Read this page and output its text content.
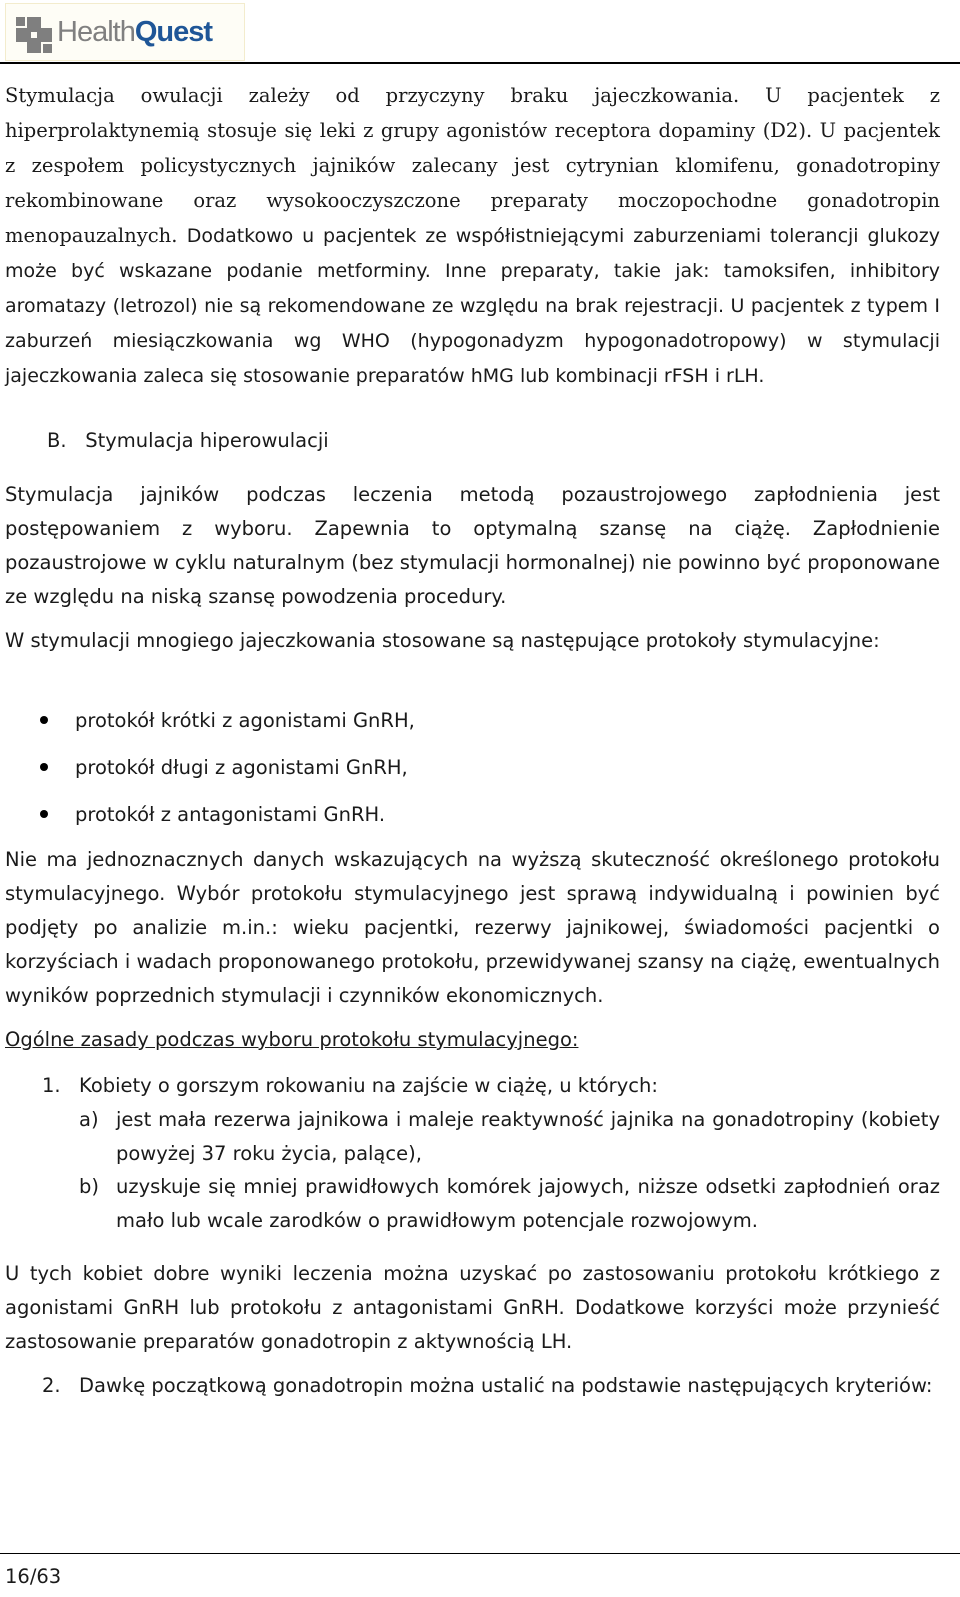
HealthQuest

Stymulacja owulacji zależy od przyczyny braku jajeczkowania. U pacjentek z hiperprolaktynemią stosuje się leki z grupy agonistów receptora dopaminy (D2). U pacjentek z zespołem policystycznych jajników zalecany jest cytrynian klomifenu, gonadotropiny rekombinowane oraz wysokooczyszczone preparaty moczopochodne gonadotropin menopauzalnych. Dodatkowo u pacjentek ze współistniejącymi zaburzeniami tolerancji glukozy może być wskazane podanie metforminy. Inne preparaty, takie jak: tamoksifen, inhibitory aromatazy (letrozol) nie są rekomendowane ze względu na brak rejestracji. U pacjentek z typem I zaburzeń miesiączkowania wg WHO (hypogonadyzm hypogonadotropowy) w stymulacji jajeczkowania zaleca się stosowanie preparatów hMG lub kombinacji rFSH i rLH.

B. Stymulacja hiperowulacji

Stymulacja jajników podczas leczenia metodą pozaustrojowego zapłodnienia jest postępowaniem z wyboru. Zapewnia to optymalną szansę na ciążę. Zapłodnienie pozaustrojowe w cyklu naturalnym (bez stymulacji hormonalnej) nie powinno być proponowane ze względu na niską szansę powodzenia procedury.

W stymulacji mnogiego jajeczkowania stosowane są następujące protokoły stymulacyjne:

protokół krótki z agonistami GnRH,
protokół długi z agonistami GnRH,
protokół z antagonistami GnRH.

Nie ma jednoznacznych danych wskazujących na wyższą skuteczność określonego protokołu stymulacyjnego. Wybór protokołu stymulacyjnego jest sprawą indywidualną i powinien być podjęty po analizie m.in.: wieku pacjentki, rezerwy jajnikowej, świadomości pacjentki o korzyściach i wadach proponowanego protokołu, przewidywanej szansy na ciążę, ewentualnych wyników poprzednich stymulacji i czynników ekonomicznych.

Ogólne zasady podczas wyboru protokołu stymulacyjnego:

1. Kobiety o gorszym rokowaniu na zajście w ciążę, u których:
a) jest mała rezerwa jajnikowa i maleje reaktywność jajnika na gonadotropiny (kobiety powyżej 37 roku życia, palące),
b) uzyskuje się mniej prawidłowych komórek jajowych, niższe odsetki zapłodnień oraz mało lub wcale zarodków o prawidłowym potencjale rozwojowym.

U tych kobiet dobre wyniki leczenia można uzyskać po zastosowaniu protokołu krótkiego z agonistami GnRH lub protokołu z antagonistami GnRH. Dodatkowe korzyści może przynieść zastosowanie preparatów gonadotropin z aktywnością LH.

2. Dawkę początkową gonadotropin można ustalić na podstawie następujących kryteriów:
16/63
